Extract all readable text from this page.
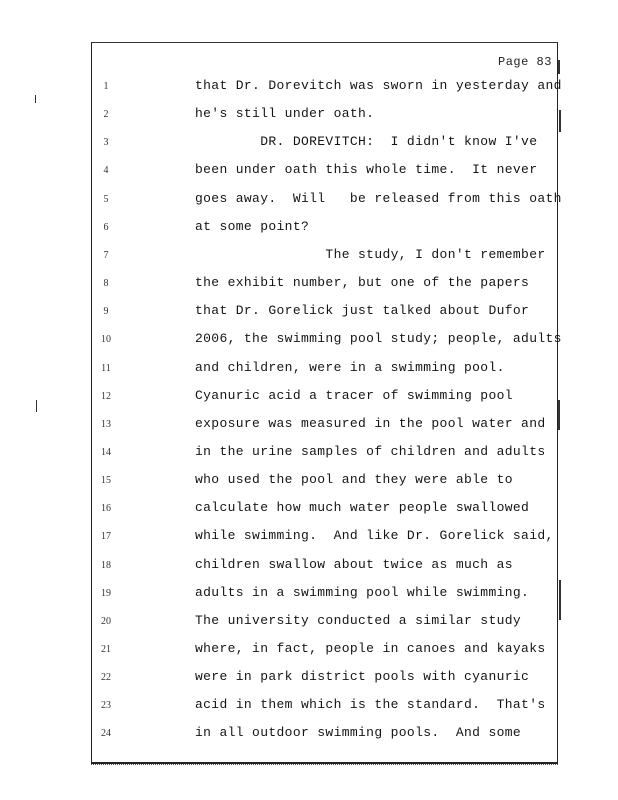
Page 83
1	that Dr. Dorevitch was sworn in yesterday and
2	he's still under oath.
3	DR. DOREVITCH:  I didn't know I've
4	been under oath this whole time.  It never
5	goes away.  Will   be released from this oath
6	at some point?
7	The study, I don't remember
8	the exhibit number, but one of the papers
9	that Dr. Gorelick just talked about Dufor
10	2006, the swimming pool study; people, adults
11	and children, were in a swimming pool.
12	Cyanuric acid a tracer of swimming pool
13	exposure was measured in the pool water and
14	in the urine samples of children and adults
15	who used the pool and they were able to
16	calculate how much water people swallowed
17	while swimming.  And like Dr. Gorelick said,
18	children swallow about twice as much as
19	adults in a swimming pool while swimming.
20	The university conducted a similar study
21	where, in fact, people in canoes and kayaks
22	were in park district pools with cyanuric
23	acid in them which is the standard.  That's
24	in all outdoor swimming pools.  And some
